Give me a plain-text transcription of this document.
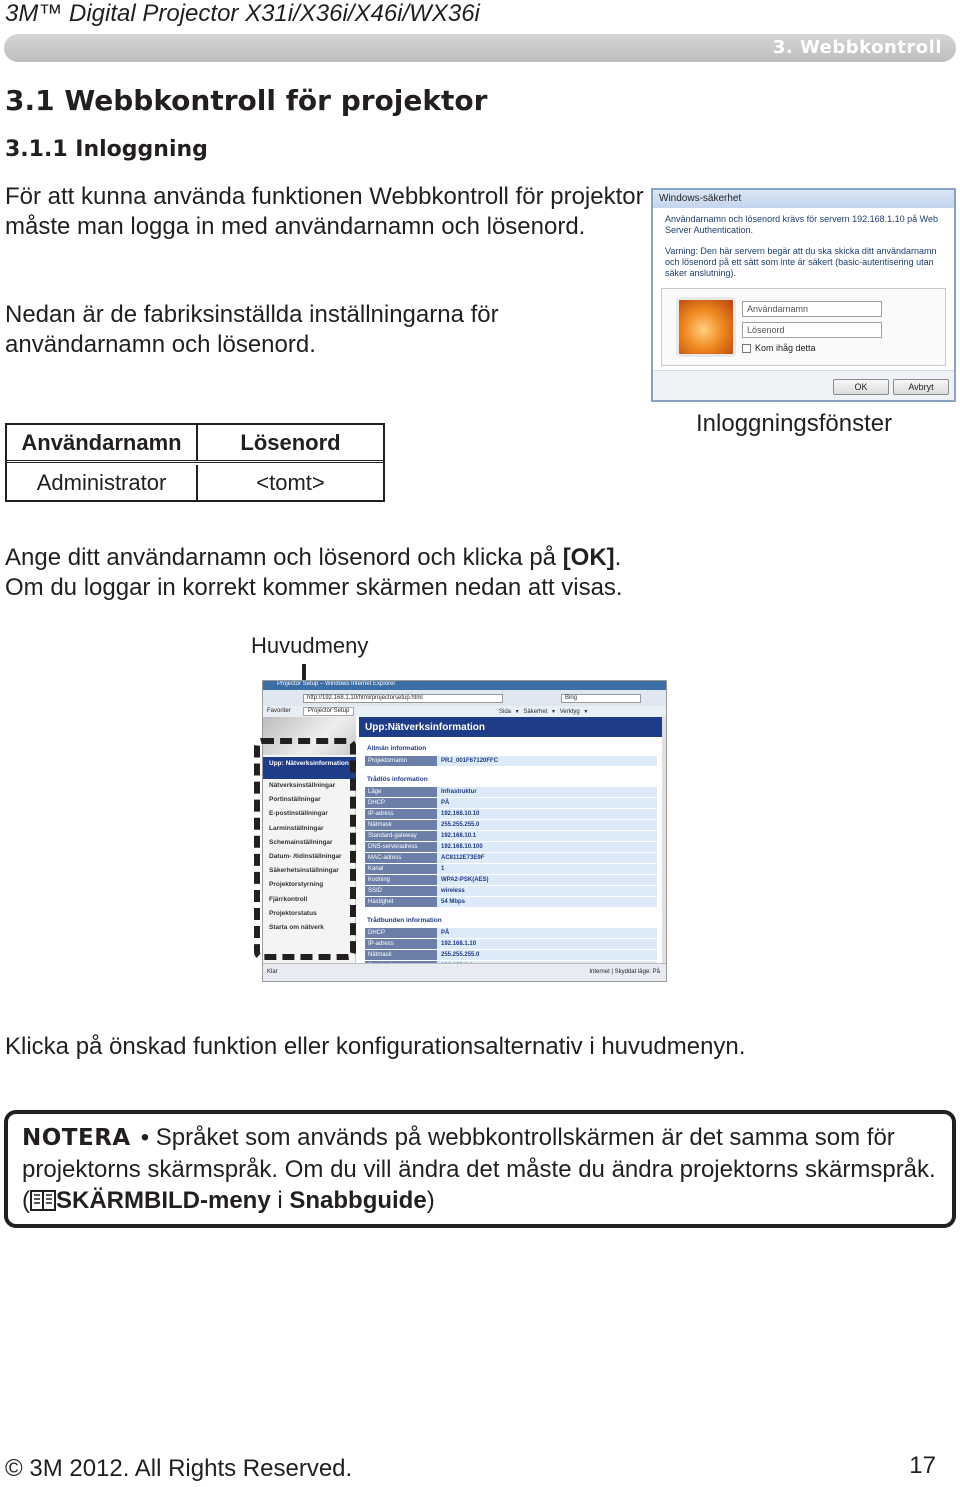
3M™ Digital Projector X31i/X36i/X46i/WX36i
3. Webbkontroll
3.1 Webbkontroll för projektor
3.1.1 Inloggning
För att kunna använda funktionen Webbkontroll för projektor måste man logga in med användarnamn och lösenord.
Nedan är de fabriksinställda inställningarna för användarnamn och lösenord.
Användarnamn	Lösenord
Administrator	<tomt>
Windows-säkerhet
Användarnamn och lösenord krävs för servern 192.168.1.10 på Web Server Authentication.
Varning: Den här servern begär att du ska skicka ditt användarnamn och lösenord på ett sätt som inte är säkert (basic-autentisering utan säker anslutning).
Användarnamn
Lösenord
Kom ihåg detta
OK	Avbryt
Inloggningsfönster
Ange ditt användarnamn och lösenord och klicka på [OK].
Om du loggar in korrekt kommer skärmen nedan att visas.
Huvudmeny
Projector Setup – Windows Internet Explorer
http://192.168.1.10/html/projectorsetup.html	Bing
Favoriter	Projector Setup	Sida ▾ Säkerhet ▾ Verktyg ▾
Upp: Nätverksinformation
Nätverksinställningar
Portinställningar
E-postinställningar
Larminställningar
Schemainställningar
Datum- /tidinställningar
Säkerhetsinställningar
Projektorstyrning
Fjärrkontroll
Projektorstatus
Starta om nätverk
Upp:Nätverksinformation
Allmän information
Projektornamn	PRJ_001F67120FFC
Trådlös information
Läge	Infrastruktur
DHCP	PÅ
IP-adress	192.168.10.10
Nätmask	255.255.255.0
Standard-gateway	192.168.10.1
DNS-serveradress	192.168.10.100
MAC-adress	AC8112E73E9F
Kanal	1
Kodning	WPA2-PSK(AES)
SSID	wireless
Hastighet	54 Mbps
Trådbunden information
DHCP	PÅ
IP-adress	192.168.1.10
Nätmask	255.255.255.0
Klar	Internet | Skyddat läge: På
Klicka på önskad funktion eller konfigurationsalternativ i huvudmenyn.
NOTERA • Språket som används på webbkontrollskärmen är det samma som för projektorns skärmspråk. Om du vill ändra det måste du ändra projektorns skärmspråk. ( SKÄRMBILD-meny i Snabbguide)
© 3M 2012. All Rights Reserved.	17
